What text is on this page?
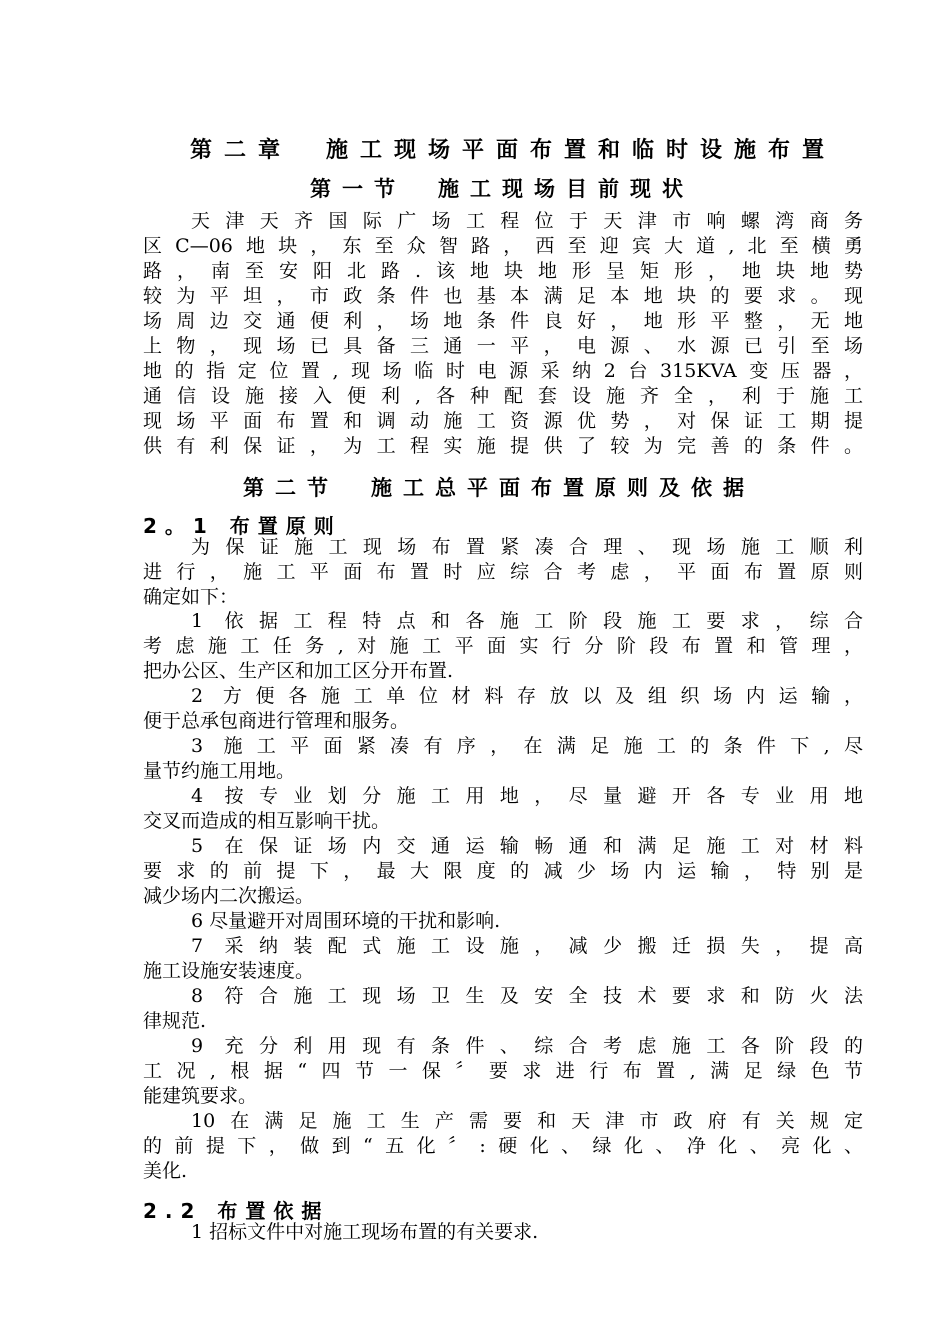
第二章　施工现场平面布置和临时设施布置
第一节　施工现场目前现状
天津天齐国际广场工程位于天津市响螺湾商务
区C—06地块，东至众智路，西至迎宾大道,北至横勇
路，南至安阳北路.该地块地形呈矩形，地块地势
较为平坦，市政条件也基本满足本地块的要求。现
场周边交通便利，场地条件良好，地形平整，无地
上物，现场已具备三通一平，电源、水源已引至场
地的指定位置,现场临时电源采纳2台315KVA变压器，
通信设施接入便利,各种配套设施齐全，利于施工
现场平面布置和调动施工资源优势，对保证工期提
供有利保证，为工程实施提供了较为完善的条件。
第二节　施工总平面布置原则及依据
2。1 布置原则
为保证施工现场布置紧凑合理、现场施工顺利
进行，施工平面布置时应综合考虑，平面布置原则
确定如下：
1 依据工程特点和各施工阶段施工要求，综合
考虑施工任务,对施工平面实行分阶段布置和管理，
把办公区、生产区和加工区分开布置.
2 方便各施工单位材料存放以及组织场内运输，
便于总承包商进行管理和服务。
3 施工平面紧凑有序，在满足施工的条件下,尽
量节约施工用地。
4 按专业划分施工用地，尽量避开各专业用地
交叉而造成的相互影响干扰。
5 在保证场内交通运输畅通和满足施工对材料
要求的前提下，最大限度的减少场内运输，特别是
减少场内二次搬运。
6 尽量避开对周围环境的干扰和影响.
7 采纳装配式施工设施，减少搬迁损失，提高
施工设施安装速度。
8 符合施工现场卫生及安全技术要求和防火法
律规范.
9 充分利用现有条件、综合考虑施工各阶段的
工况,根据“四节一保〞要求进行布置,满足绿色节
能建筑要求。
10在满足施工生产需要和天津市政府有关规定
的前提下，做到“五化〞:硬化、绿化、净化、亮化、
美化.
2.2 布置依据
1 招标文件中对施工现场布置的有关要求.
